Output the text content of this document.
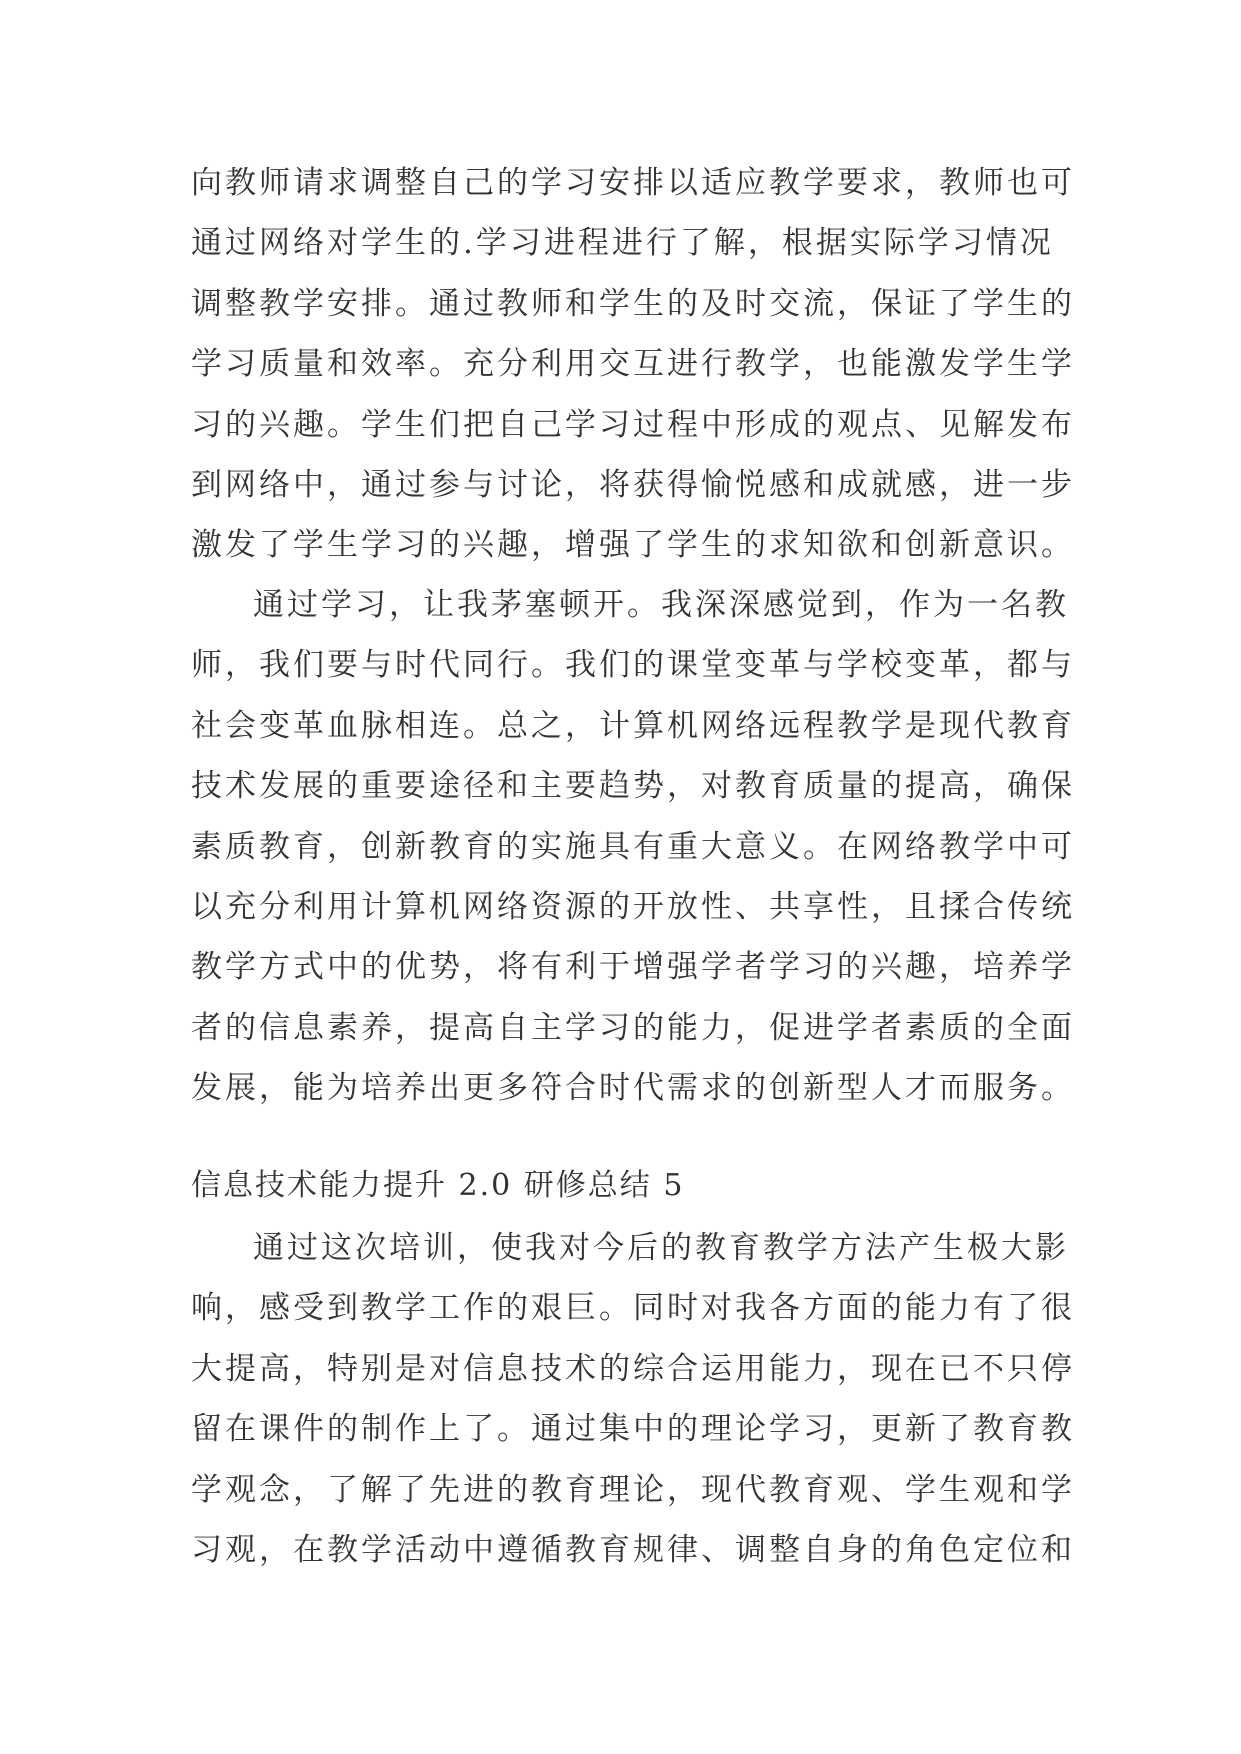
向教师请求调整自己的学习安排以适应教学要求，教师也可
通过网络对学生的.学习进程进行了解，根据实际学习情况
调整教学安排。通过教师和学生的及时交流，保证了学生的
学习质量和效率。充分利用交互进行教学，也能激发学生学
习的兴趣。学生们把自己学习过程中形成的观点、见解发布
到网络中，通过参与讨论，将获得愉悦感和成就感，进一步
激发了学生学习的兴趣，增强了学生的求知欲和创新意识。
通过学习，让我茅塞顿开。我深深感觉到，作为一名教
师，我们要与时代同行。我们的课堂变革与学校变革，都与
社会变革血脉相连。总之，计算机网络远程教学是现代教育
技术发展的重要途径和主要趋势，对教育质量的提高，确保
素质教育，创新教育的实施具有重大意义。在网络教学中可
以充分利用计算机网络资源的开放性、共享性，且揉合传统
教学方式中的优势，将有利于增强学者学习的兴趣，培养学
者的信息素养，提高自主学习的能力，促进学者素质的全面
发展，能为培养出更多符合时代需求的创新型人才而服务。
信息技术能力提升 2.0 研修总结 5
通过这次培训，使我对今后的教育教学方法产生极大影
响，感受到教学工作的艰巨。同时对我各方面的能力有了很
大提高，特别是对信息技术的综合运用能力，现在已不只停
留在课件的制作上了。通过集中的理论学习，更新了教育教
学观念，了解了先进的教育理论，现代教育观、学生观和学
习观，在教学活动中遵循教育规律、调整自身的角色定位和
